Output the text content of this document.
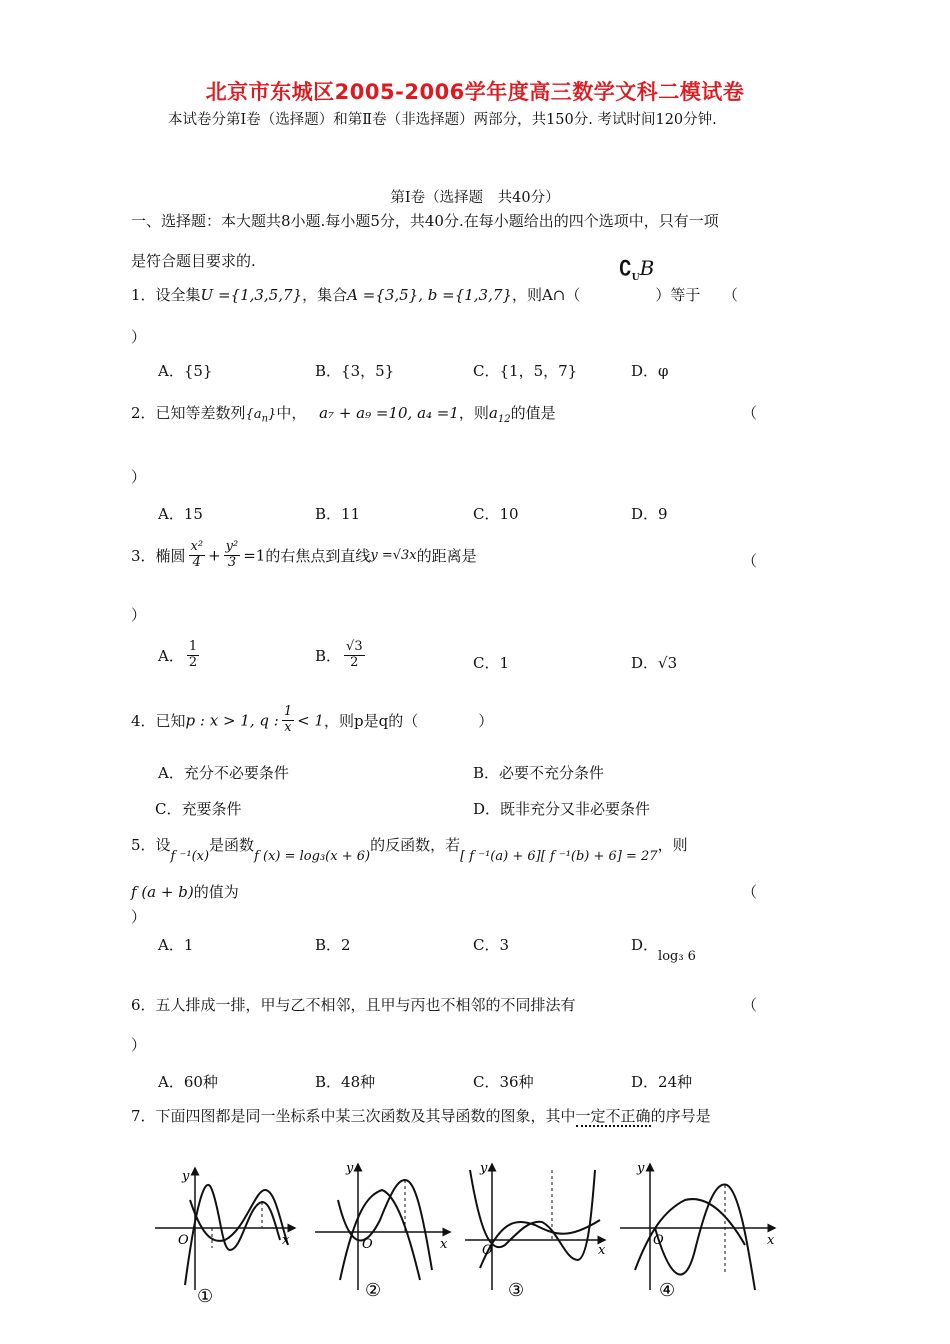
北京市东城区2005-2006学年度高三数学文科二模试卷
本试卷分第Ⅰ卷（选择题）和第Ⅱ卷（非选择题）两部分，共150分. 考试时间120分钟.
第Ⅰ卷（选择题　共40分）
一、选择题：本大题共8小题.每小题5分，共40分.在每小题给出的四个选项中，只有一项
是符合题目要求的.	$∁_UB$
1．设全集U ={1,3,5,7}，集合A ={3,5}, b ={1,3,7}，则A∩（　　　　　）等于　　（
）
A．{5}	B．{3，5}	C．{1，5，7}	D．φ
2．已知等差数列$\{a_n\}$中， a₇ + a₉ =10, a₄ =1，则$a_{12}$的值是	（
）
A．15	B．11	C．10	D．9
3．椭圆 $\frac{\text{x²}}{4} + \frac{\text{y²}}{3} =1$的右焦点到直线y =√3x的距离是	（
）
A． $\frac{1}{2}$	B． $\frac{√3}{2}$	C．1	D．√3
4．已知p : x > 1, q : $\frac{1}{x} < 1$，则p是q的（　　　　）
A．充分不必要条件	B．必要不充分条件
C．充要条件	D．既非充分又非必要条件
5．设f ⁻¹(x)是函数f (x) = log₃(x + 6)的反函数，若[ f ⁻¹(a) + 6][ f ⁻¹(b) + 6] = 27，则
f (a + b)的值为	（
）
A．1	B．2	C．3	D．log₃ 6
6．五人排成一排，甲与乙不相邻，且甲与丙也不相邻的不同排法有	（
）
A．60种	B．48种	C．36种	D．24种
7．下面四图都是同一坐标系中某三次函数及其导函数的图象，其中一定不正确的序号是
y
x
O
①
y
x
O
②
y
x
O
③
y
x
O
④
